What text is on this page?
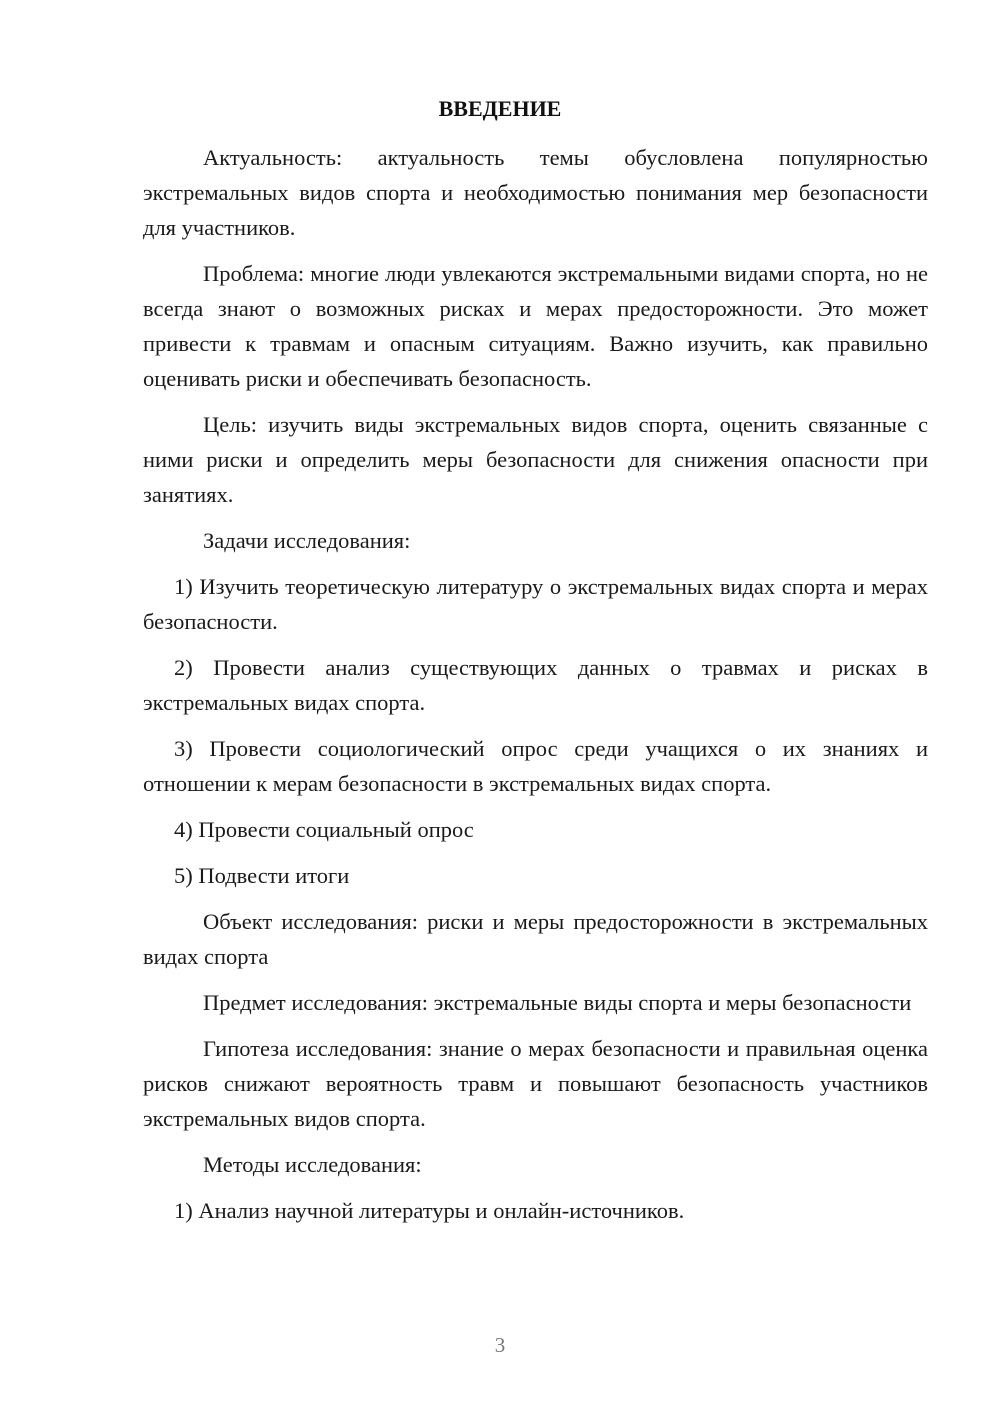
ВВЕДЕНИЕ

Актуальность: актуальность темы обусловлена популярностью экстремальных видов спорта и необходимостью понимания мер безопасности для участников.

Проблема: многие люди увлекаются экстремальными видами спорта, но не всегда знают о возможных рисках и мерах предосторожности. Это может привести к травмам и опасным ситуациям. Важно изучить, как правильно оценивать риски и обеспечивать безопасность.

Цель: изучить виды экстремальных видов спорта, оценить связанные с ними риски и определить меры безопасности для снижения опасности при занятиях.

Задачи исследования:

1) Изучить теоретическую литературу о экстремальных видах спорта и мерах безопасности.

2) Провести анализ существующих данных о травмах и рисках в экстремальных видах спорта.

3) Провести социологический опрос среди учащихся о их знаниях и отношении к мерам безопасности в экстремальных видах спорта.

4) Провести социальный опрос

5) Подвести итоги

Объект исследования: риски и меры предосторожности в экстремальных видах спорта

Предмет исследования: экстремальные виды спорта и меры безопасности

Гипотеза исследования: знание о мерах безопасности и правильная оценка рисков снижают вероятность травм и повышают безопасность участников экстремальных видов спорта.

Методы исследования:

1) Анализ научной литературы и онлайн-источников.

3
